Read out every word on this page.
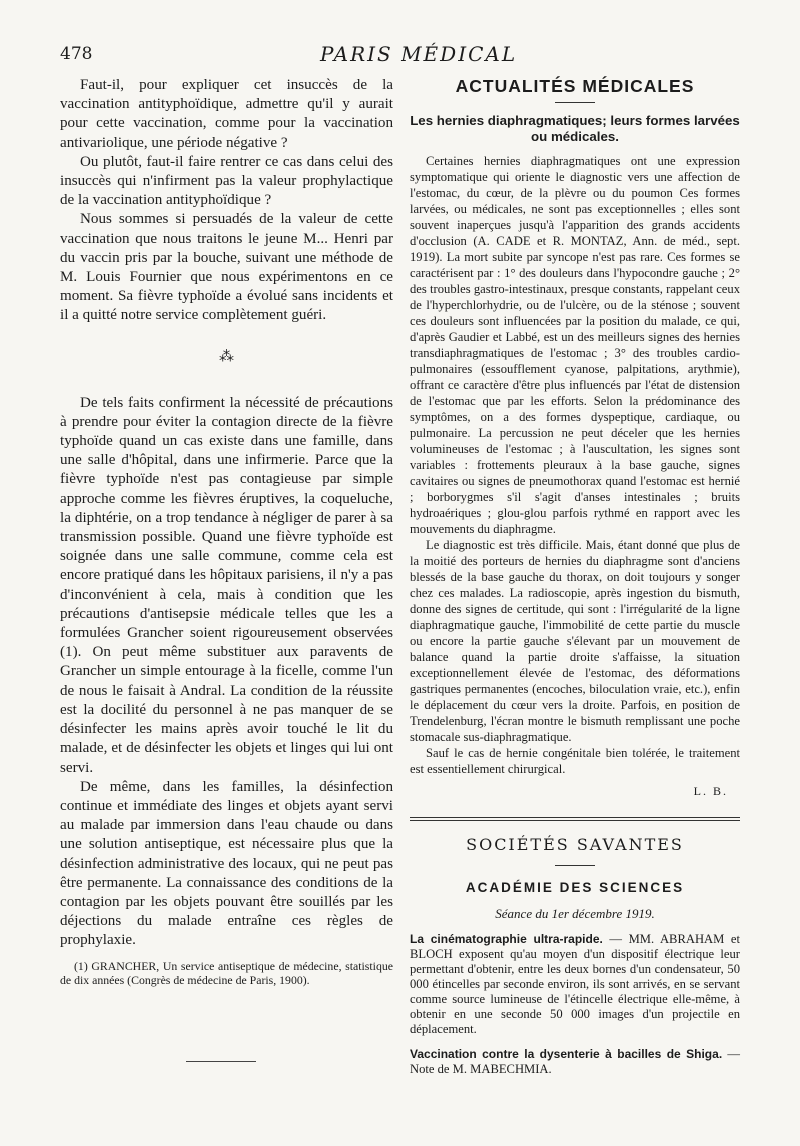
478	PARIS MÉDICAL

Faut-il, pour expliquer cet insuccès de la vaccination antityphoïdique, admettre qu'il y aurait pour cette vaccination, comme pour la vaccination antivariolique, une période négative ?

Ou plutôt, faut-il faire rentrer ce cas dans celui des insuccès qui n'infirment pas la valeur prophylactique de la vaccination antityphoïdique ?

Nous sommes si persuadés de la valeur de cette vaccination que nous traitons le jeune M... Henri par du vaccin pris par la bouche, suivant une méthode de M. Louis Fournier que nous expérimentons en ce moment. Sa fièvre typhoïde a évolué sans incidents et il a quitté notre service complètement guéri.

⁂

De tels faits confirment la nécessité de précautions à prendre pour éviter la contagion directe de la fièvre typhoïde quand un cas existe dans une famille, dans une salle d'hôpital, dans une infirmerie. Parce que la fièvre typhoïde n'est pas contagieuse par simple approche comme les fièvres éruptives, la coqueluche, la diphtérie, on a trop tendance à négliger de parer à sa transmission possible. Quand une fièvre typhoïde est soignée dans une salle commune, comme cela est encore pratiqué dans les hôpitaux parisiens, il n'y a pas d'inconvénient à cela, mais à condition que les précautions d'antisepsie médicale telles que les a formulées Grancher soient rigoureusement observées (1). On peut même substituer aux paravents de Grancher un simple entourage à la ficelle, comme l'un de nous le faisait à Andral. La condition de la réussite est la docilité du personnel à ne pas manquer de se désinfecter les mains après avoir touché le lit du malade, et de désinfecter les objets et linges qui lui ont servi.

De même, dans les familles, la désinfection continue et immédiate des linges et objets ayant servi au malade par immersion dans l'eau chaude ou dans une solution antiseptique, est nécessaire plus que la désinfection administrative des locaux, qui ne peut pas être permanente. La connaissance des conditions de la contagion par les objets pouvant être souillés par les déjections du malade entraîne ces règles de prophylaxie.

(1) GRANCHER, Un service antiseptique de médecine, statistique de dix années (Congrès de médecine de Paris, 1900).

ACTUALITÉS MÉDICALES
Les hernies diaphragmatiques; leurs formes larvées ou médicales.

Certaines hernies diaphragmatiques ont une expression symptomatique qui oriente le diagnostic vers une affection de l'estomac, du cœur, de la plèvre ou du poumon Ces formes larvées, ou médicales, ne sont pas exceptionnelles ; elles sont souvent inaperçues jusqu'à l'apparition des grands accidents d'occlusion (A. CADE et R. MONTAZ, Ann. de méd., sept. 1919). La mort subite par syncope n'est pas rare. Ces formes se caractérisent par : 1° des douleurs dans l'hypocondre gauche ; 2° des troubles gastro-intestinaux, presque constants, rappelant ceux de l'hyperchlorhydrie, ou de l'ulcère, ou de la sténose ; souvent ces douleurs sont influencées par la position du malade, ce qui, d'après Gaudier et Labbé, est un des meilleurs signes des hernies transdiaphragmatiques de l'estomac ; 3° des troubles cardio-pulmonaires (essoufflement cyanose, palpitations, arythmie), offrant ce caractère d'être plus influencés par l'état de distension de l'estomac que par les efforts. Selon la prédominance des symptômes, on a des formes dyspeptique, cardiaque, ou pulmonaire. La percussion ne peut déceler que les hernies volumineuses de l'estomac ; à l'auscultation, les signes sont variables : frottements pleuraux à la base gauche, signes cavitaires ou signes de pneumothorax quand l'estomac est hernié ; borborygmes s'il s'agit d'anses intestinales ; bruits hydroaériques ; glou-glou parfois rythmé en rapport avec les mouvements du diaphragme.

Le diagnostic est très difficile. Mais, étant donné que plus de la moitié des porteurs de hernies du diaphragme sont d'anciens blessés de la base gauche du thorax, on doit toujours y songer chez ces malades. La radioscopie, après ingestion du bismuth, donne des signes de certitude, qui sont : l'irrégularité de la ligne diaphragmatique gauche, l'immobilité de cette partie du muscle ou encore la partie gauche s'élevant par un mouvement de balance quand la partie droite s'affaisse, la situation exceptionnellement élevée de l'estomac, des déformations gastriques permanentes (encoches, biloculation vraie, etc.), enfin le déplacement du cœur vers la droite. Parfois, en position de Trendelenburg, l'écran montre le bismuth remplissant une poche stomacale sus-diaphragmatique.

Sauf le cas de hernie congénitale bien tolérée, le traitement est essentiellement chirurgical.

L. B.
SOCIÉTÉS SAVANTES
ACADÉMIE DES SCIENCES
Séance du 1er décembre 1919.
La cinématographie ultra-rapide. — MM. ABRAHAM et BLOCH exposent qu'au moyen d'un dispositif électrique leur permettant d'obtenir, entre les deux bornes d'un condensateur, 50 000 étincelles par seconde environ, ils sont arrivés, en se servant comme source lumineuse de l'étincelle électrique elle-même, à obtenir en une seconde 50 000 images d'un projectile en déplacement.
Vaccination contre la dysenterie à bacilles de Shiga. — Note de M. MABECHMIA.
